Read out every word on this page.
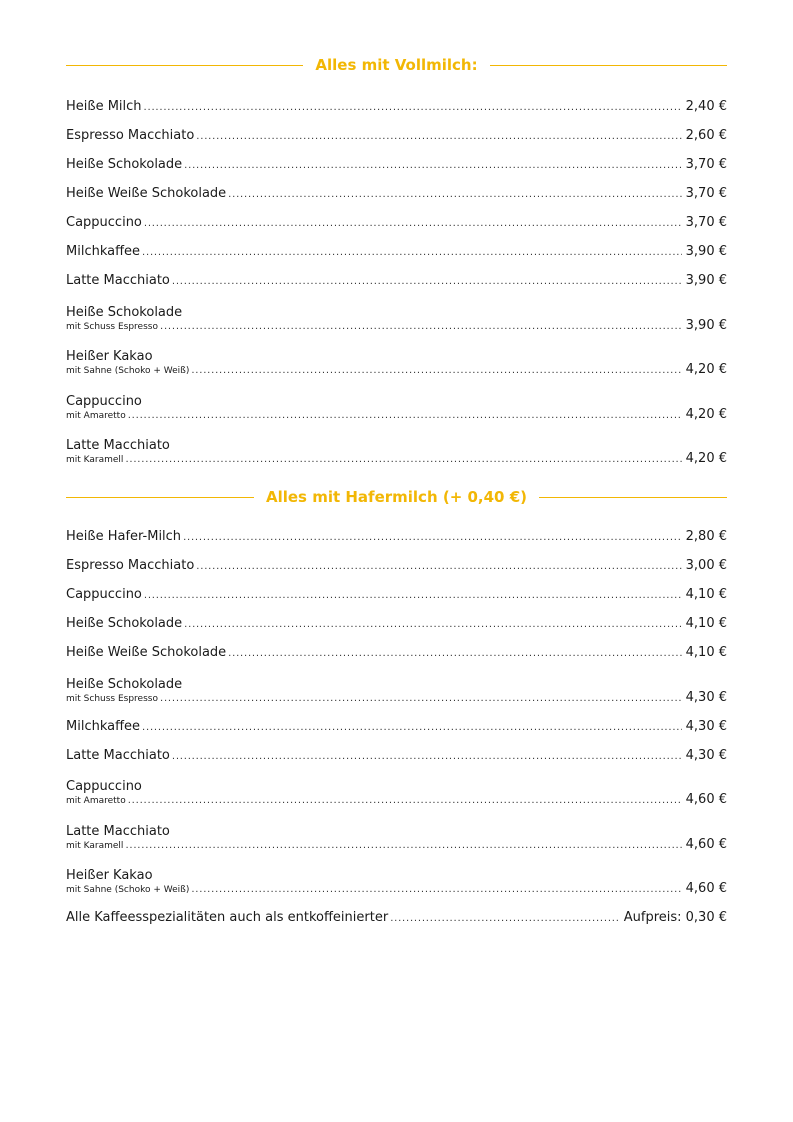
Alles mit Vollmilch:
Heiße Milch . . .	2,40 €
Espresso Macchiato . . .	2,60 €
Heiße Schokolade . . .	3,70 €
Heiße Weiße Schokolade . . .	3,70 €
Cappuccino . . .	3,70 €
Milchkaffee . . .	3,90 €
Latte Macchiato . . .	3,90 €
Heiße Schokolade
mit Schuss Espresso . . .	3,90 €
Heißer Kakao
mit Sahne (Schoko + Weiß) . . .	4,20 €
Cappuccino
mit Amaretto . . .	4,20 €
Latte Macchiato
mit Karamell . . .	4,20 €
Alles mit Hafermilch (+ 0,40 €)
Heiße Hafer-Milch . . .	2,80 €
Espresso Macchiato . . .	3,00 €
Cappuccino . . .	4,10 €
Heiße Schokolade . . .	4,10 €
Heiße Weiße Schokolade . . .	4,10 €
Heiße Schokolade
mit Schuss Espresso . . .	4,30 €
Milchkaffee . . .	4,30 €
Latte Macchiato . . .	4,30 €
Cappuccino
mit Amaretto . . .	4,60 €
Latte Macchiato
mit Karamell . . .	4,60 €
Heißer Kakao
mit Sahne (Schoko + Weiß) . . .	4,60 €
Alle Kaffeesspezialitäten auch als entkoffeinierter . . .	Aufpreis: 0,30 €
